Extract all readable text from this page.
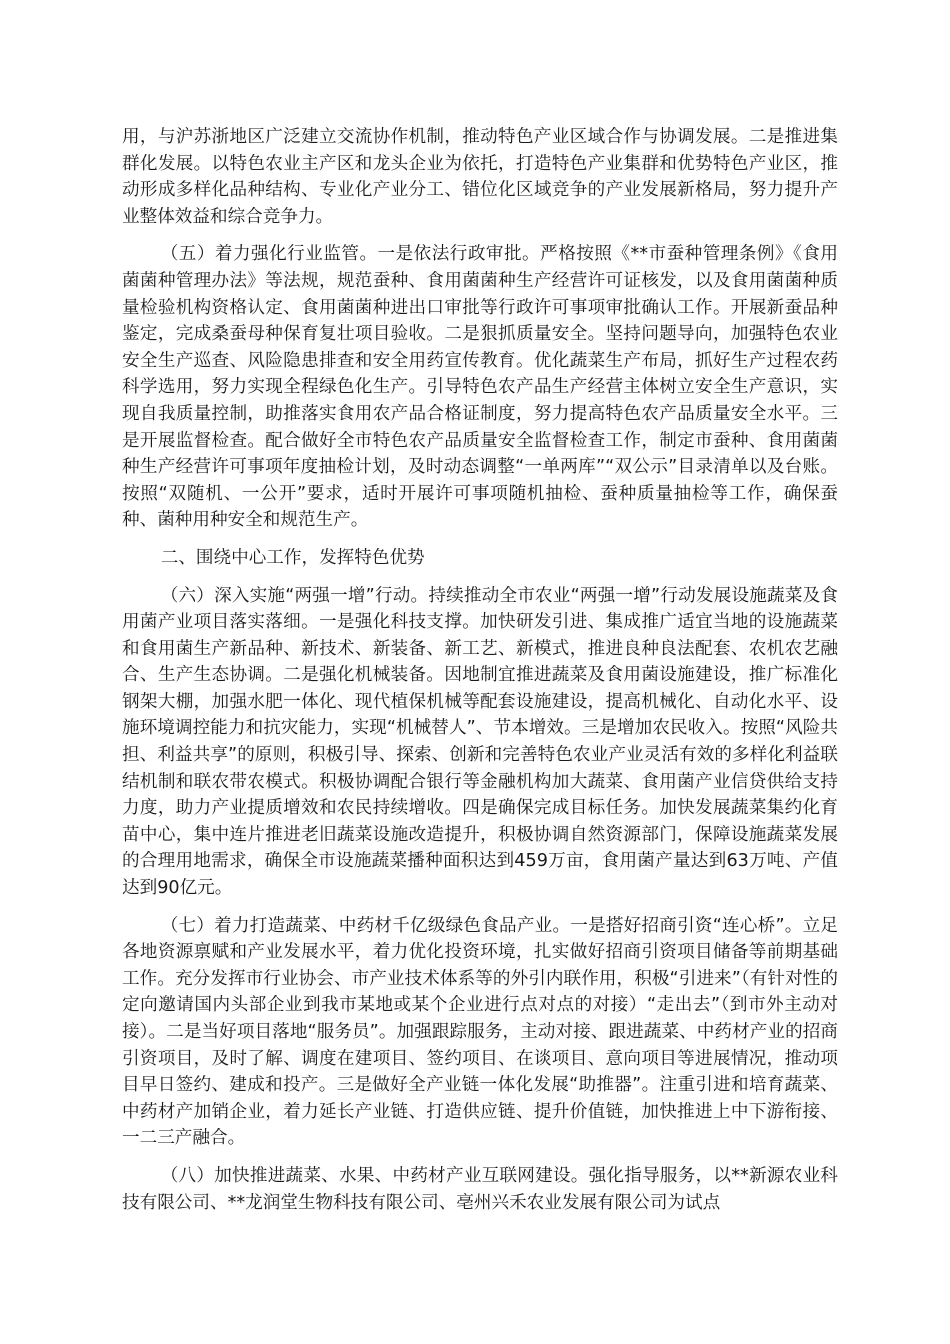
用，与沪苏浙地区广泛建立交流协作机制，推动特色产业区域合作与协调发展。二是推进集群化发展。以特色农业主产区和龙头企业为依托，打造特色产业集群和优势特色产业区，推动形成多样化品种结构、专业化产业分工、错位化区域竞争的产业发展新格局，努力提升产业整体效益和综合竞争力。

（五）着力强化行业监管。一是依法行政审批。严格按照《**市蚕种管理条例》《食用菌菌种管理办法》等法规，规范蚕种、食用菌菌种生产经营许可证核发，以及食用菌菌种质量检验机构资格认定、食用菌菌种进出口审批等行政许可事项审批确认工作。开展新蚕品种鉴定，完成桑蚕母种保育复壮项目验收。二是狠抓质量安全。坚持问题导向，加强特色农业安全生产巡查、风险隐患排查和安全用药宣传教育。优化蔬菜生产布局，抓好生产过程农药科学选用，努力实现全程绿色化生产。引导特色农产品生产经营主体树立安全生产意识，实现自我质量控制，助推落实食用农产品合格证制度，努力提高特色农产品质量安全水平。三是开展监督检查。配合做好全市特色农产品质量安全监督检查工作，制定市蚕种、食用菌菌种生产经营许可事项年度抽检计划，及时动态调整“一单两库”“双公示”目录清单以及台账。按照“双随机、一公开”要求，适时开展许可事项随机抽检、蚕种质量抽检等工作，确保蚕种、菌种用种安全和规范生产。

二、围绕中心工作，发挥特色优势

（六）深入实施“两强一增”行动。持续推动全市农业“两强一增”行动发展设施蔬菜及食用菌产业项目落实落细。一是强化科技支撑。加快研发引进、集成推广适宜当地的设施蔬菜和食用菌生产新品种、新技术、新装备、新工艺、新模式，推进良种良法配套、农机农艺融合、生产生态协调。二是强化机械装备。因地制宜推进蔬菜及食用菌设施建设，推广标准化钢架大棚，加强水肥一体化、现代植保机械等配套设施建设，提高机械化、自动化水平、设施环境调控能力和抗灾能力，实现“机械替人”、节本增效。三是增加农民收入。按照“风险共担、利益共享”的原则，积极引导、探索、创新和完善特色农业产业灵活有效的多样化利益联结机制和联农带农模式。积极协调配合银行等金融机构加大蔬菜、食用菌产业信贷供给支持力度，助力产业提质增效和农民持续增收。四是确保完成目标任务。加快发展蔬菜集约化育苗中心，集中连片推进老旧蔬菜设施改造提升，积极协调自然资源部门，保障设施蔬菜发展的合理用地需求，确保全市设施蔬菜播种面积达到459万亩，食用菌产量达到63万吨、产值达到90亿元。

（七）着力打造蔬菜、中药材千亿级绿色食品产业。一是搭好招商引资“连心桥”。立足各地资源禀赋和产业发展水平，着力优化投资环境，扎实做好招商引资项目储备等前期基础工作。充分发挥市行业协会、市产业技术体系等的外引内联作用，积极“引进来”（有针对性的定向邀请国内头部企业到我市某地或某个企业进行点对点的对接）“走出去”（到市外主动对接）。二是当好项目落地“服务员”。加强跟踪服务，主动对接、跟进蔬菜、中药材产业的招商引资项目，及时了解、调度在建项目、签约项目、在谈项目、意向项目等进展情况，推动项目早日签约、建成和投产。三是做好全产业链一体化发展“助推器”。注重引进和培育蔬菜、中药材产加销企业，着力延长产业链、打造供应链、提升价值链，加快推进上中下游衔接、一二三产融合。

（八）加快推进蔬菜、水果、中药材产业互联网建设。强化指导服务，以**新源农业科技有限公司、**龙润堂生物科技有限公司、亳州兴禾农业发展有限公司为试点
